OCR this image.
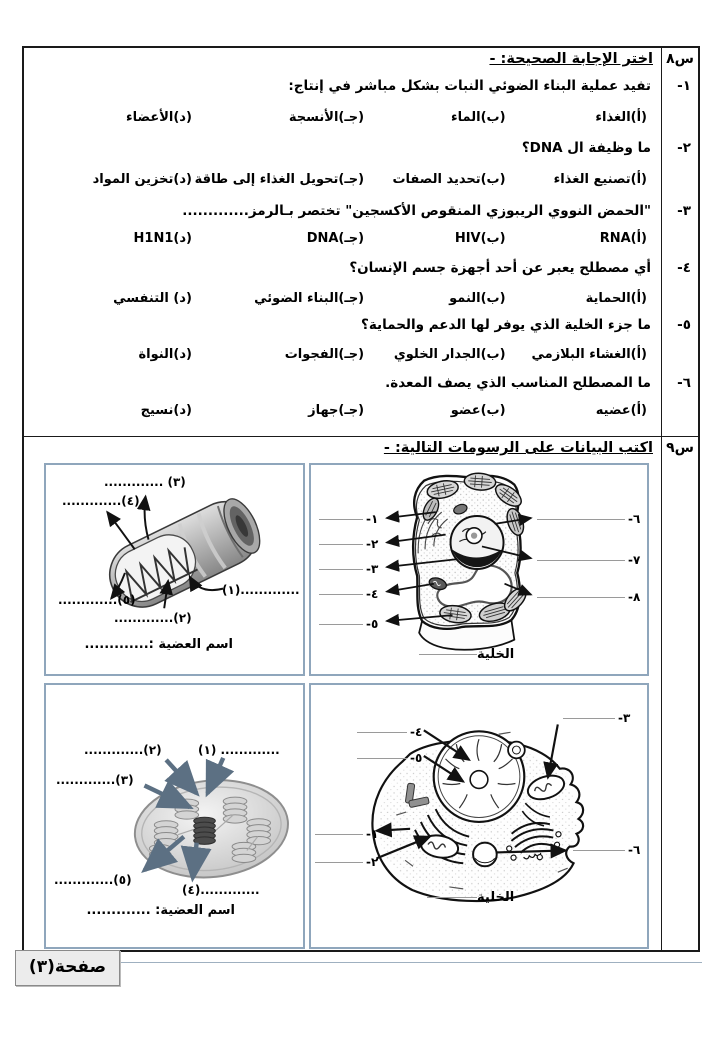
س٨
١-
٢-
٣-
٤-
٥-
٦-
اختر الإجابة الصحيحة: -
تفيد عملية البناء الضوئي النبات بشكل مباشر في إنتاج:
(أ)الغذاء
(ب)الماء
(جـ)الأنسجة
(د)الأعضاء
ما وظيفة ال DNA؟
(أ)تصنيع الغذاء
(ب)تحديد الصفات
(جـ)تحويل الغذاء إلى طاقة
(د)تخزين المواد
"الحمض النووي الريبوزي المنقوص الأكسجين" تختصر بـالرمز.............
(أ)RNA
(ب)HIV
(جـ)DNA
(د)H1N1
أي مصطلح يعبر عن أحد أجهزة جسم الإنسان؟
(أ)الحماية
(ب)النمو
(جـ)البناء الضوئي
(د) التنفسي
ما جزء الخلية الذي يوفر لها الدعم والحماية؟
(أ)الغشاء البلازمي
(ب)الجدار الخلوي
(جـ)الفجوات
(د)النواة
ما المصطلح المناسب الذي يصف المعدة.
(أ)عضيه
(ب)عضو
(جـ)جهاز
(د)نسيج
س٩
اكتب البيانات على الرسومات التالية: -
............. (٣)
.............(٤)
(١).............
.............(٥)
.............(٢)
اسم العضية :.............
- ١
- ٢
- ٣
- ٤
- ٥
- ٦
- ٧
- ٨
الخلية
(١) .............
.............(٢)
.............(٣)
.............(٥)
(٤).............
اسم العضية: .............
- ٤
- ٥
- ٣
- ١
- ٢
- ٦
الخلية
صفحة(٣)
